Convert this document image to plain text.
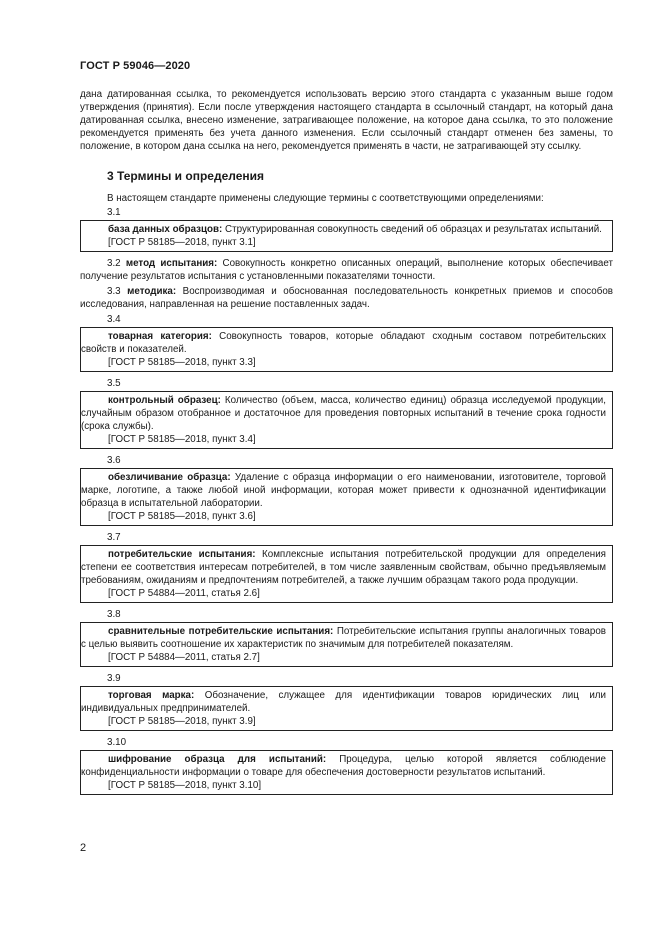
ГОСТ Р 59046—2020

дана датированная ссылка, то рекомендуется использовать версию этого стандарта с указанным выше годом утверждения (принятия). Если после утверждения настоящего стандарта в ссылочный стандарт, на который дана датированная ссылка, внесено изменение, затрагивающее положение, на которое дана ссылка, то это положение рекомендуется применять без учета данного изменения. Если ссылочный стандарт отменен без замены, то положение, в котором дана ссылка на него, рекомендуется применять в части, не затрагивающей эту ссылку.

3 Термины и определения

В настоящем стандарте применены следующие термины с соответствующими определениями:

3.1

база данных образцов: Структурированная совокупность сведений об образцах и результатах испытаний.

[ГОСТ Р 58185—2018, пункт 3.1]

3.2 метод испытания: Совокупность конкретно описанных операций, выполнение которых обеспечивает получение результатов испытания с установленными показателями точности.

3.3 методика: Воспроизводимая и обоснованная последовательность конкретных приемов и способов исследования, направленная на решение поставленных задач.

3.4

товарная категория: Совокупность товаров, которые обладают сходным составом потребительских свойств и показателей.

[ГОСТ Р 58185—2018, пункт 3.3]
3.5

контрольный образец: Количество (объем, масса, количество единиц) образца исследуемой продукции, случайным образом отобранное и достаточное для проведения повторных испытаний в течение срока годности (срока службы).

[ГОСТ Р 58185—2018, пункт 3.4]
3.6

обезличивание образца: Удаление с образца информации о его наименовании, изготовителе, торговой марке, логотипе, а также любой иной информации, которая может привести к однозначной идентификации образца в испытательной лаборатории.

[ГОСТ Р 58185—2018, пункт 3.6]
3.7

потребительские испытания: Комплексные испытания потребительской продукции для определения степени ее соответствия интересам потребителей, в том числе заявленным свойствам, обычно предъявляемым требованиям, ожиданиям и предпочтениям потребителей, а также лучшим образцам такого рода продукции.

[ГОСТ Р 54884—2011, статья 2.6]
3.8

сравнительные потребительские испытания: Потребительские испытания группы аналогичных товаров с целью выявить соотношение их характеристик по значимым для потребителей показателям.

[ГОСТ Р 54884—2011, статья 2.7]
3.9

торговая марка: Обозначение, служащее для идентификации товаров юридических лиц или индивидуальных предпринимателей.

[ГОСТ Р 58185—2018, пункт 3.9]
3.10

шифрование образца для испытаний: Процедура, целью которой является соблюдение конфиденциальности информации о товаре для обеспечения достоверности результатов испытаний.

[ГОСТ Р 58185—2018, пункт 3.10]
2
